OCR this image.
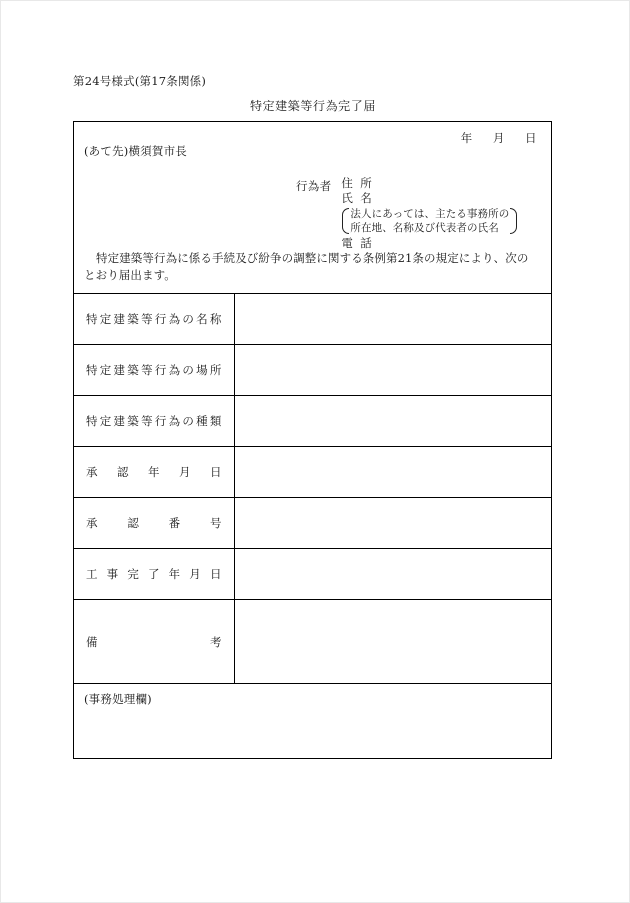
第24号様式(第17条関係)
特定建築等行為完了届
年 月 日
(あて先)横須賀市長
行為者 住 所
氏 名
法人にあっては、主たる事務所の
所在地、名称及び代表者の氏名
電 話
特定建築等行為に係る手続及び紛争の調整に関する条例第21条の規定により、次のとおり届出ます。
特 定 建 築 等 行 為 の 名 称

特 定 建 築 等 行 為 の 場 所

特 定 建 築 等 行 為 の 種 類

承 認 年 月 日	

承 認 番 号	

工 事 完 了 年 月 日

備 考	

(事務処理欄)
